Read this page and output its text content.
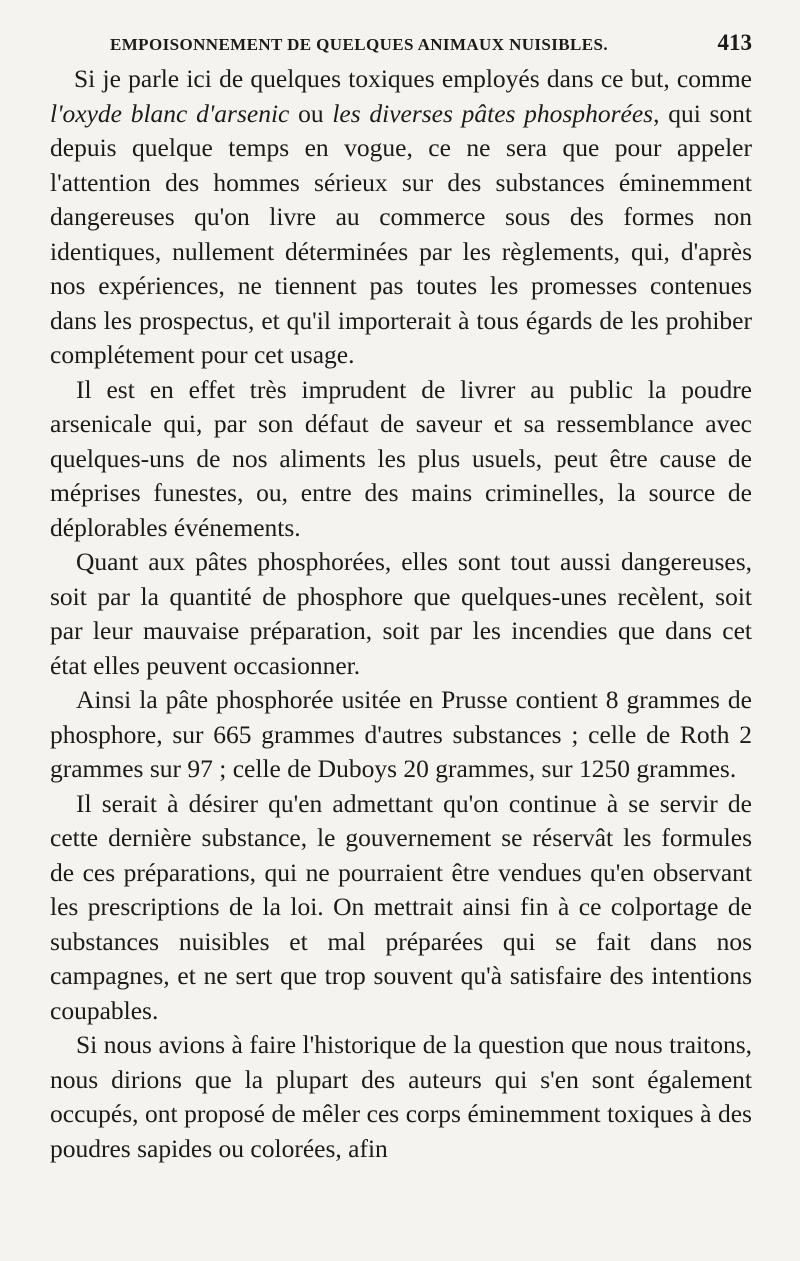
EMPOISONNEMENT DE QUELQUES ANIMAUX NUISIBLES.	413

Si je parle ici de quelques toxiques employés dans ce but, comme l'oxyde blanc d'arsenic ou les diverses pâtes phosphorées, qui sont depuis quelque temps en vogue, ce ne sera que pour appeler l'attention des hommes sérieux sur des substances éminemment dangereuses qu'on livre au commerce sous des formes non identiques, nullement déterminées par les règlements, qui, d'après nos expériences, ne tiennent pas toutes les promesses contenues dans les prospectus, et qu'il importerait à tous égards de les prohiber complétement pour cet usage.

Il est en effet très imprudent de livrer au public la poudre arsenicale qui, par son défaut de saveur et sa ressemblance avec quelques-uns de nos aliments les plus usuels, peut être cause de méprises funestes, ou, entre des mains criminelles, la source de déplorables événements.

Quant aux pâtes phosphorées, elles sont tout aussi dangereuses, soit par la quantité de phosphore que quelques-unes recèlent, soit par leur mauvaise préparation, soit par les incendies que dans cet état elles peuvent occasionner.

Ainsi la pâte phosphorée usitée en Prusse contient 8 grammes de phosphore, sur 665 grammes d'autres substances ; celle de Roth 2 grammes sur 97 ; celle de Duboys 20 grammes, sur 1250 grammes.

Il serait à désirer qu'en admettant qu'on continue à se servir de cette dernière substance, le gouvernement se réservât les formules de ces préparations, qui ne pourraient être vendues qu'en observant les prescriptions de la loi. On mettrait ainsi fin à ce colportage de substances nuisibles et mal préparées qui se fait dans nos campagnes, et ne sert que trop souvent qu'à satisfaire des intentions coupables.

Si nous avions à faire l'historique de la question que nous traitons, nous dirions que la plupart des auteurs qui s'en sont également occupés, ont proposé de mêler ces corps éminemment toxiques à des poudres sapides ou colorées, afin
